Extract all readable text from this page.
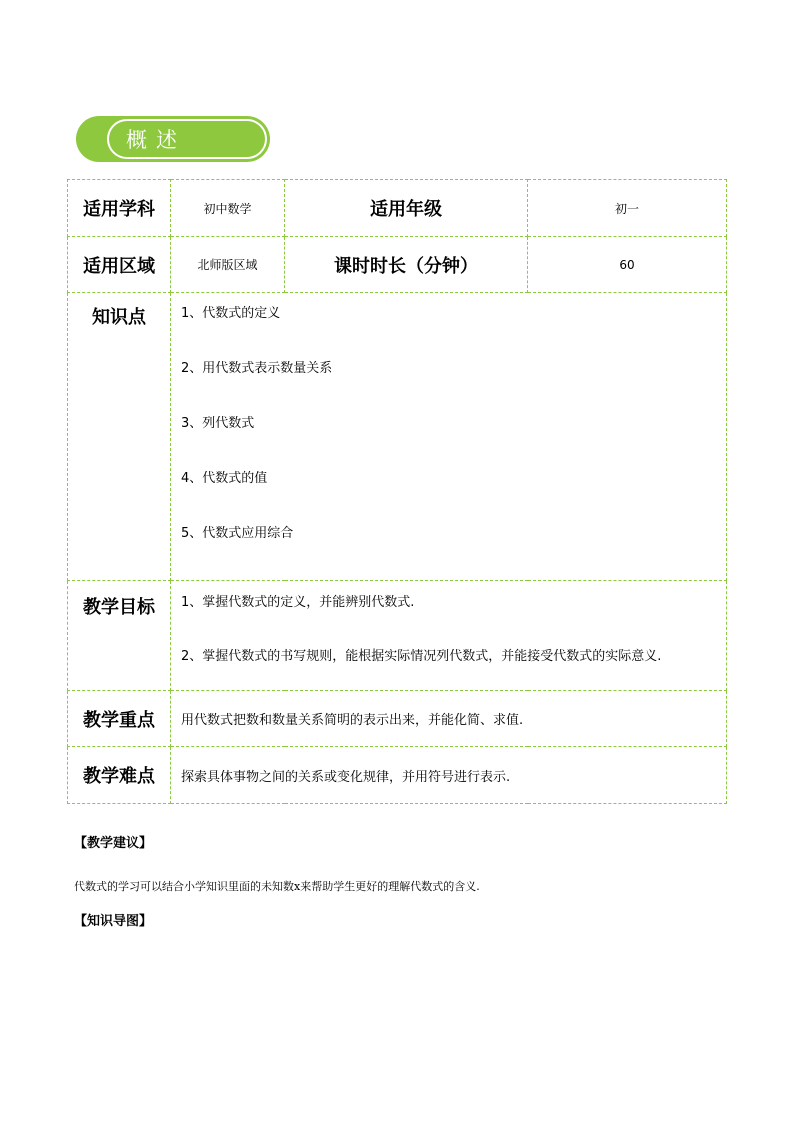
概述
适用学科	初中数学	适用年级	初一
适用区域	北师版区域	课时时长（分钟）	60
知识点	1、代数式的定义

2、用代数式表示数量关系

3、列代数式

4、代数式的值

5、代数式应用综合		

教学目标	1、掌握代数式的定义，并能辨别代数式.

2、掌握代数式的书写规则，能根据实际情况列代数式，并能接受代数式的实际意义.		

教学重点	用代数式把数和数量关系简明的表示出来，并能化简、求值.		
教学难点	探索具体事物之间的关系或变化规律，并用符号进行表示.		
【教学建议】
代数式的学习可以结合小学知识里面的未知数x来帮助学生更好的理解代数式的含义.
【知识导图】
